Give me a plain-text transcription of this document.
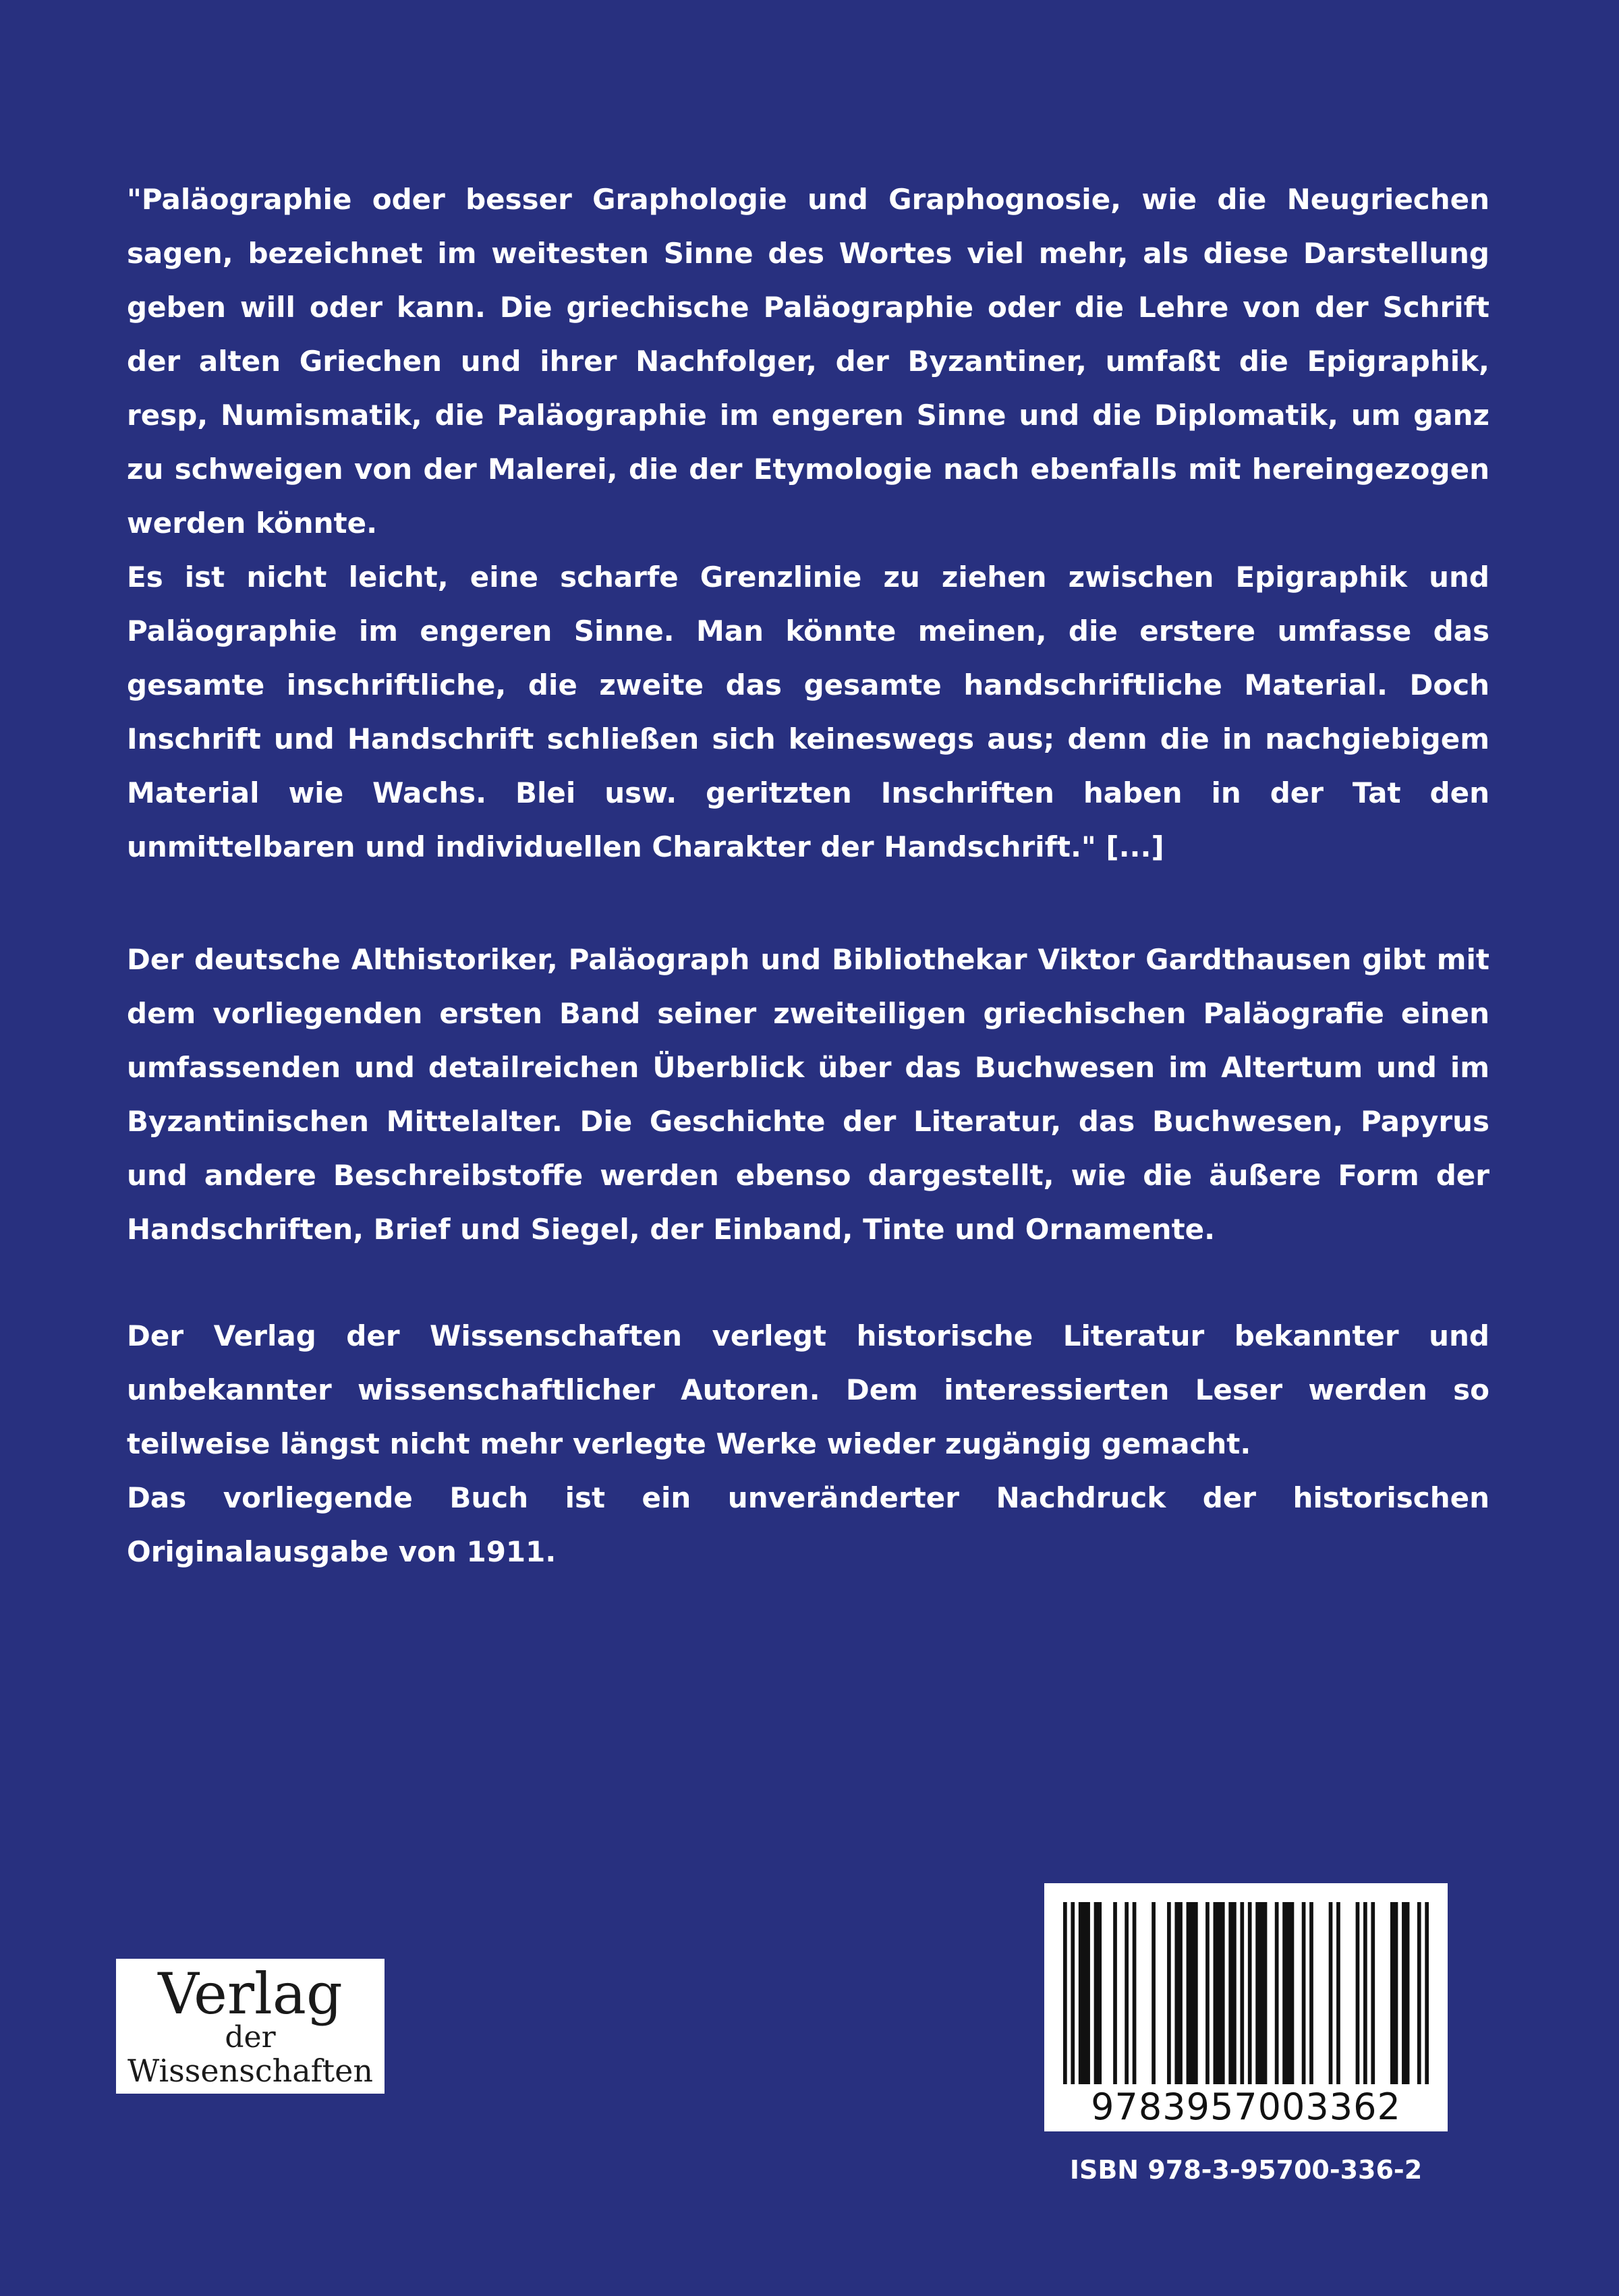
"Paläographie oder besser Graphologie und Graphognosie, wie die Neugriechen sagen, bezeichnet im weitesten Sinne des Wortes viel mehr, als diese Darstellung geben will oder kann. Die griechische Paläographie oder die Lehre von der Schrift der alten Griechen und ihrer Nachfolger, der Byzantiner, umfaßt die Epigraphik, resp, Numismatik, die Paläographie im engeren Sinne und die Diplomatik, um ganz zu schweigen von der Malerei, die der Etymologie nach ebenfalls mit hereingezogen werden könnte.

Es ist nicht leicht, eine scharfe Grenzlinie zu ziehen zwischen Epigraphik und Paläographie im engeren Sinne. Man könnte meinen, die erstere umfasse das gesamte inschriftliche, die zweite das gesamte handschriftliche Material. Doch Inschrift und Handschrift schließen sich keineswegs aus; denn die in nachgiebigem Material wie Wachs. Blei usw. geritzten Inschriften haben in der Tat den unmittelbaren und individuellen Charakter der Handschrift." [...]

Der deutsche Althistoriker, Paläograph und Bibliothekar Viktor Gardthausen gibt mit dem vorliegenden ersten Band seiner zweiteiligen griechischen Paläografie einen umfassenden und detailreichen Überblick über das Buchwesen im Altertum und im Byzantinischen Mittelalter. Die Geschichte der Literatur, das Buchwesen, Papyrus und andere Beschreibstoffe werden ebenso dargestellt, wie die äußere Form der Handschriften, Brief und Siegel, der Einband, Tinte und Ornamente.

Der Verlag der Wissenschaften verlegt historische Literatur bekannter und unbekannter wissenschaftlicher Autoren. Dem interessierten Leser werden so teilweise längst nicht mehr verlegte Werke wieder zugängig gemacht.

Das vorliegende Buch ist ein unveränderter Nachdruck der historischen Originalausgabe von 1911.

Verlag
der
Wissenschaften
9783957003362
ISBN 978-3-95700-336-2
